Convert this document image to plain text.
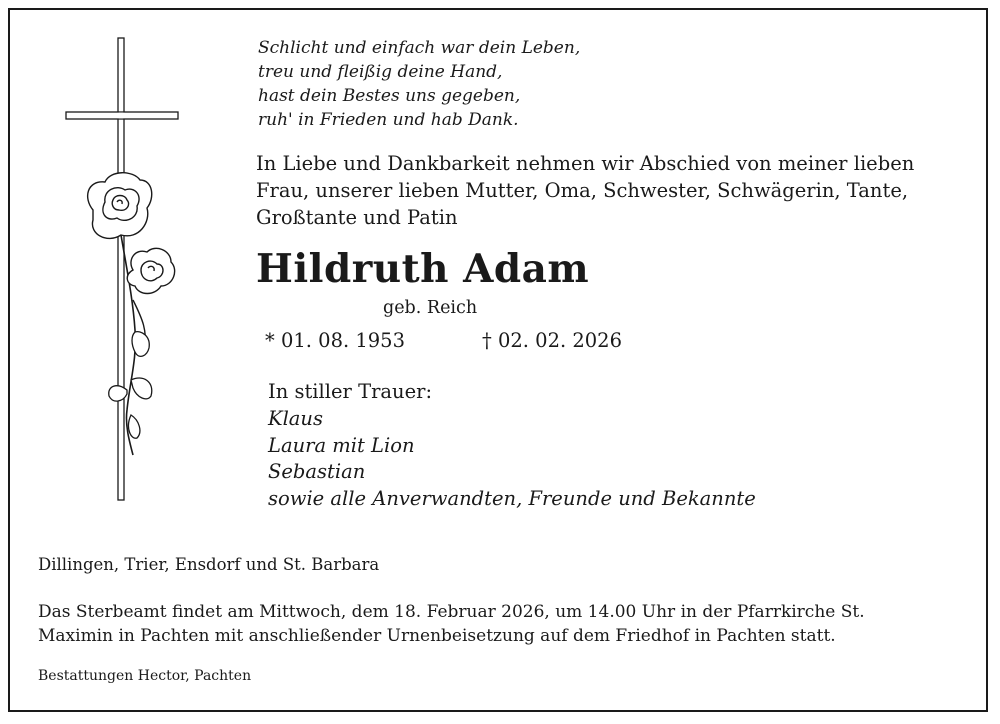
Schlicht und einfach war dein Leben,
treu und fleißig deine Hand,
hast dein Bestes uns gegeben,
ruh' in Frieden und hab Dank.
In Liebe und Dankbarkeit nehmen wir Abschied von meiner lieben
Frau, unserer lieben Mutter, Oma, Schwester, Schwägerin, Tante,
Großtante und Patin
Hildruth Adam
geb. Reich
* 01. 08. 1953	† 02. 02. 2026
In stiller Trauer:
Klaus
Laura mit Lion
Sebastian
sowie alle Anverwandten, Freunde und Bekannte
Dillingen, Trier, Ensdorf und St. Barbara
Das Sterbeamt findet am Mittwoch, dem 18. Februar 2026, um 14.00 Uhr in der Pfarrkirche St.
Maximin in Pachten mit anschließender Urnenbeisetzung auf dem Friedhof in Pachten statt.
Bestattungen Hector, Pachten
